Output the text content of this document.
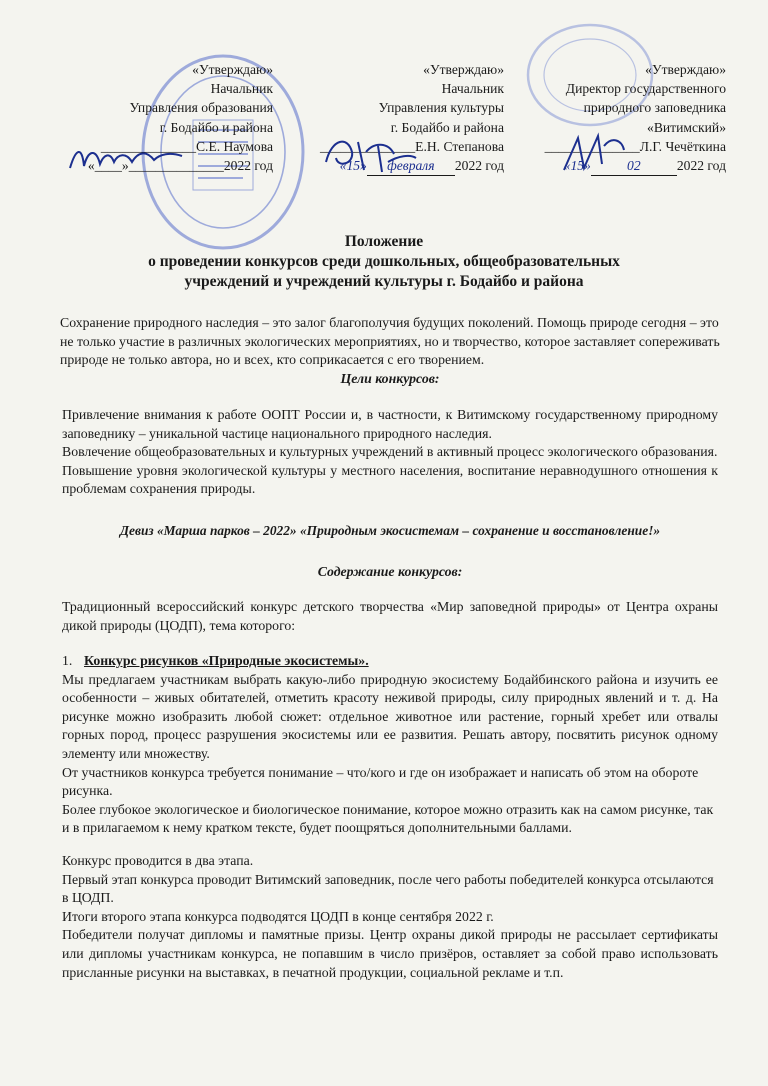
«Утверждаю»
Начальник
Управления образования
г. Бодайбо и района
______________С.Е. Наумова
«____»______________2022 год
«Утверждаю»
Начальник
Управления культуры
г. Бодайбо и района
______________Е.Н. Степанова
«15» февраля 2022 год
«Утверждаю»
Директор государственного
природного заповедника
«Витимский»
______________Л.Г. Чечёткина
«15»	02	2022 год
Положение
о проведении конкурсов среди дошкольных, общеобразовательных
учреждений и учреждений культуры г. Бодайбо и района

Сохранение природного наследия – это залог благополучия будущих поколений. Помощь природе сегодня – это не только участие в различных экологических мероприятиях, но и творчество, которое заставляет сопереживать природе не только автора, но и всех, кто соприкасается с его творением.

Цели конкурсов:

Привлечение внимания к работе ООПТ России и, в частности, к Витимскому государственному природному заповеднику – уникальной частице национального природного наследия.

Вовлечение общеобразовательных и культурных учреждений в активный процесс экологического образования.

Повышение уровня экологической культуры у местного населения, воспитание неравнодушного отношения к проблемам сохранения природы.

Девиз «Марша парков – 2022» «Природным экосистемам – сохранение и восстановление!»
Содержание конкурсов:
Традиционный всероссийский конкурс детского творчества «Мир заповедной природы» от Центра охраны дикой природы (ЦОДП), тема которого:

1. Конкурс рисунков «Природные экосистемы».

Мы предлагаем участникам выбрать какую-либо природную экосистему Бодайбинского района и изучить ее особенности – живых обитателей, отметить красоту неживой природы, силу природных явлений и т. д. На рисунке можно изобразить любой сюжет: отдельное животное или растение, горный хребет или отвалы горных пород, процесс разрушения экосистемы или ее развития. Решать автору, посвятить рисунок одному элементу или множеству.

От участников конкурса требуется понимание – что/кого и где он изображает и написать об этом на обороте рисунка.

Более глубокое экологическое и биологическое понимание, которое можно отразить как на самом рисунке, так и в прилагаемом к нему кратком тексте, будет поощряться дополнительными баллами.

Конкурс проводится в два этапа.

Первый этап конкурса проводит Витимский заповедник, после чего работы победителей конкурса отсылаются в ЦОДП.

Итоги второго этапа конкурса подводятся ЦОДП в конце сентября 2022 г.

Победители получат дипломы и памятные призы. Центр охраны дикой природы не рассылает сертификаты или дипломы участникам конкурса, не попавшим в число призёров, оставляет за собой право использовать присланные рисунки на выставках, в печатной продукции, социальной рекламе и т.п.
